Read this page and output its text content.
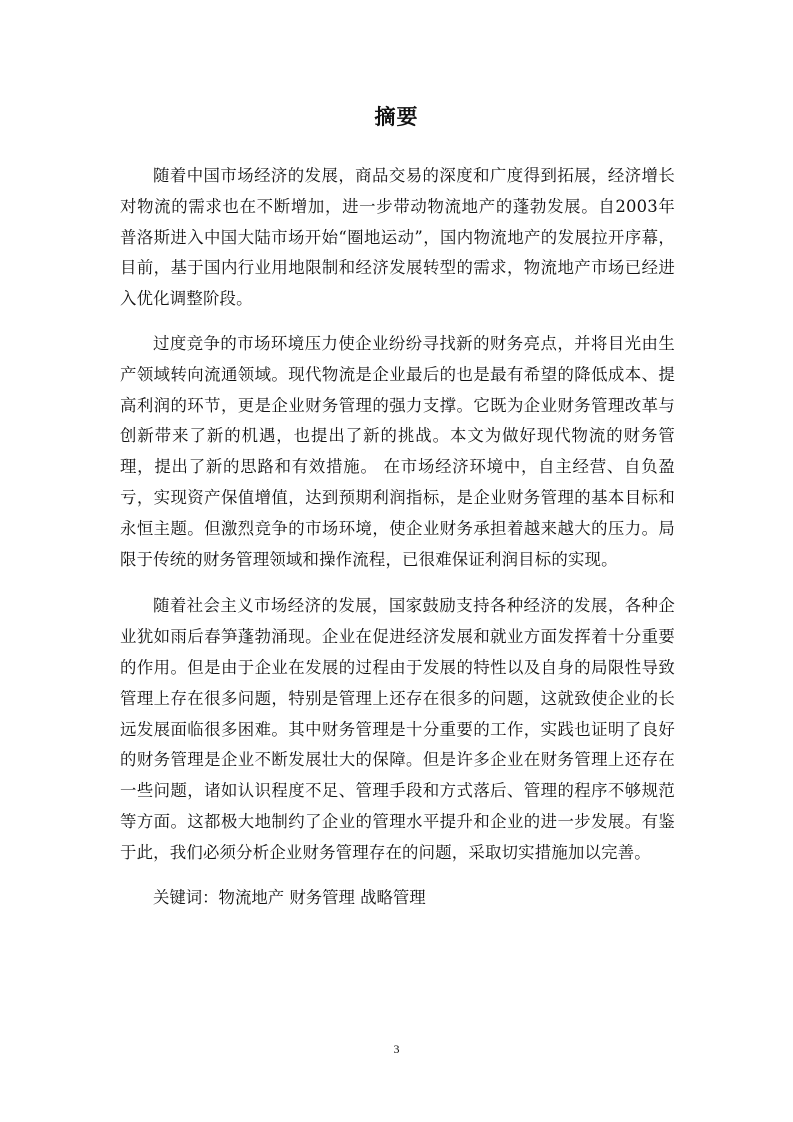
摘要

随着中国市场经济的发展，商品交易的深度和广度得到拓展，经济增长对物流的需求也在不断增加，进一步带动物流地产的蓬勃发展。自2003年普洛斯进入中国大陆市场开始“圈地运动”，国内物流地产的发展拉开序幕，目前，基于国内行业用地限制和经济发展转型的需求，物流地产市场已经进入优化调整阶段。

过度竞争的市场环境压力使企业纷纷寻找新的财务亮点，并将目光由生产领域转向流通领域。现代物流是企业最后的也是最有希望的降低成本、提高利润的环节，更是企业财务管理的强力支撑。它既为企业财务管理改革与创新带来了新的机遇，也提出了新的挑战。本文为做好现代物流的财务管理，提出了新的思路和有效措施。 在市场经济环境中，自主经营、自负盈亏，实现资产保值增值，达到预期利润指标，是企业财务管理的基本目标和永恒主题。但激烈竞争的市场环境，使企业财务承担着越来越大的压力。局限于传统的财务管理领域和操作流程，已很难保证利润目标的实现。

随着社会主义市场经济的发展，国家鼓励支持各种经济的发展，各种企业犹如雨后春笋蓬勃涌现。企业在促进经济发展和就业方面发挥着十分重要的作用。但是由于企业在发展的过程由于发展的特性以及自身的局限性导致管理上存在很多问题，特别是管理上还存在很多的问题，这就致使企业的长远发展面临很多困难。其中财务管理是十分重要的工作，实践也证明了良好的财务管理是企业不断发展壮大的保障。但是许多企业在财务管理上还存在一些问题，诸如认识程度不足、管理手段和方式落后、管理的程序不够规范等方面。这都极大地制约了企业的管理水平提升和企业的进一步发展。有鉴于此，我们必须分析企业财务管理存在的问题，采取切实措施加以完善。

关键词：物流地产 财务管理 战略管理

3
